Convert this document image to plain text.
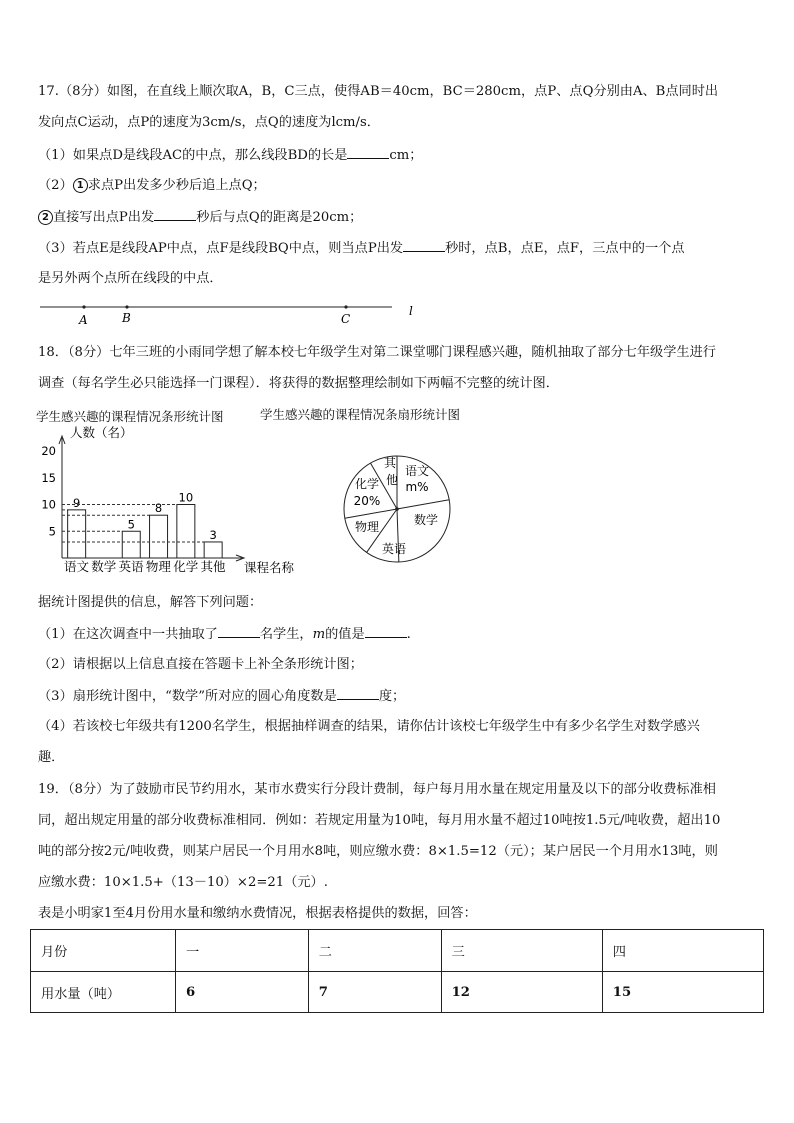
17.（8分）如图，在直线上顺次取A，B，C三点，使得AB＝40cm，BC＝280cm，点P、点Q分别由A、B点同时出
发向点C运动，点P的速度为3cm/s，点Q的速度为lcm/s．
（1）如果点D是线段AC的中点，那么线段BD的长是	cm；
（2） 1 求点P出发多少秒后追上点Q；
2 直接写出点P出发	秒后与点Q的距离是20cm；
（3）若点E是线段AP中点，点F是线段BQ中点，则当点P出发	秒时，点B，点E，点F，三点中的一个点
是另外两个点所在线段的中点．
A	B	C
l
18．（8分）七年三班的小雨同学想了解本校七年级学生对第二课堂哪门课程感兴趣，随机抽取了部分七年级学生进行
调查（每名学生必只能选择一门课程）．将获得的数据整理绘制如下两幅不完整的统计图．
学生感兴趣的课程情况条形统计图	学生感兴趣的课程情况条扇形统计图
人数（名）
课程名称
5
10
15
20
语文
9
数学 英语
5
物理
8
化学
10
其他
3
语文
m%
数学
英语
物理
化学
20%
其
他
据统计图提供的信息，解答下列问题：
（1）在这次调查中一共抽取了	名学生，m的值是	.
（2）请根据以上信息直接在答题卡上补全条形统计图；
（3）扇形统计图中，“数学”所对应的圆心角度数是	度；
（4）若该校七年级共有1200名学生，根据抽样调查的结果，请你估计该校七年级学生中有多少名学生对数学感兴
趣．
19．（8分）为了鼓励市民节约用水，某市水费实行分段计费制，每户每月用水量在规定用量及以下的部分收费标准相
同，超出规定用量的部分收费标准相同．例如：若规定用量为10吨，每月用水量不超过10吨按1.5元/吨收费，超出10
吨的部分按2元/吨收费，则某户居民一个月用水8吨，则应缴水费：8×1.5=12（元）；某户居民一个月用水13吨，则
应缴水费：10×1.5+（13－10）×2=21（元）.
表是小明家1至4月份用水量和缴纳水费情况，根据表格提供的数据，回答：
月份	一	二	三	四
用水量（吨）	6	7	12	15
